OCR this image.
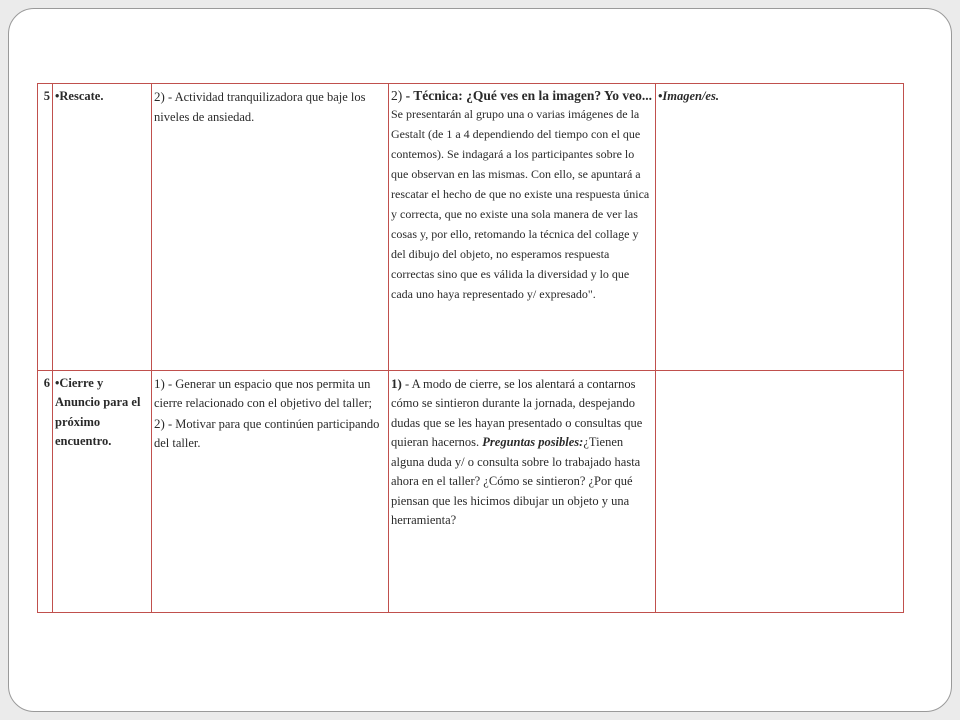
5	•Rescate.	2) - Actividad tranquilizadora que baje los niveles de ansiedad.	2) - Técnica: ¿Qué ves en la imagen? Yo veo...
Se presentarán al grupo una o varias imágenes de la Gestalt (de 1 a 4 dependiendo del tiempo con el que contemos). Se indagará a los participantes sobre lo que observan en las mismas. Con ello, se apuntará a rescatar el hecho de que no existe una respuesta única y correcta, que no existe una sola manera de ver las cosas y, por ello, retomando la técnica del collage y del dibujo del objeto, no esperamos respuesta correctas sino que es válida la diversidad y lo que cada uno haya representado y/ expresado".	•Imagen/es.
6	•Cierre y Anuncio para el próximo encuentro.	1) - Generar un espacio que nos permita un cierre relacionado con el objetivo del taller;
2) - Motivar para que continúen participando del taller.	1) - A modo de cierre, se los alentará a contarnos cómo se sintieron durante la jornada, despejando dudas que se les hayan presentado o consultas que quieran hacernos. Preguntas posibles:¿Tienen alguna duda y/ o consulta sobre lo trabajado hasta ahora en el taller? ¿Cómo se sintieron? ¿Por qué piensan que les hicimos dibujar un objeto y una herramienta?	
